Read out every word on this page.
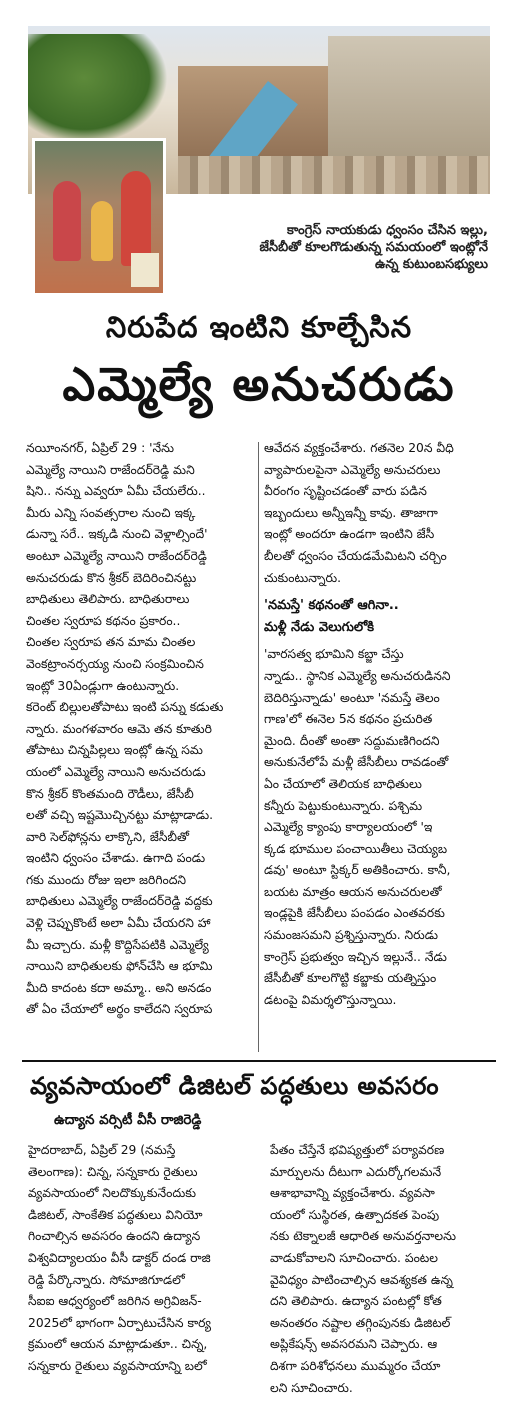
కాంగ్రెస్ నాయకుడు ధ్వంసం చేసిన ఇల్లు,
జేసీబీతో కూలగొడుతున్న సమయంలో ఇంట్లోనే
ఉన్న కుటుంబసభ్యులు
నిరుపేద ఇంటిని కూల్చేసిన
ఎమ్మెల్యే అనుచరుడు
నయీంనగర్, ఏప్రిల్ 29 : 'నేను
ఎమ్మెల్యే నాయిని రాజేందర్‌రెడ్డి మని
షిని.. నన్ను ఎవ్వరూ ఏమీ చేయలేరు..
మీరు ఎన్ని సంవత్సరాల నుంచి ఇక్క
డున్నా సరే.. ఇక్కడి నుంచి వెళ్లాల్సిందే'
అంటూ ఎమ్మెల్యే నాయిని రాజేందర్‌రెడ్డి
అనుచరుడు కొన శ్రీకర్ బెదిరించినట్టు
బాధితులు తెలిపారు. బాధితురాలు
చింతల స్వరూప కథనం ప్రకారం..
చింతల స్వరూప తన మామ చింతల
వెంకట్రాంనర్సయ్య నుంచి సంక్రమించిన
ఇంట్లో 30ఏండ్లుగా ఉంటున్నారు.
కరెంట్ బిల్లులతోపాటు ఇంటి పన్ను కడుతు
న్నారు. మంగళవారం ఆమె తన కూతురి
తోపాటు చిన్నపిల్లలు ఇంట్లో ఉన్న సమ
యంలో ఎమ్మెల్యే నాయిని అనుచరుడు
కొన శ్రీకర్ కొంతమంది రౌడీలు, జేసీబీ
లతో వచ్చి ఇష్టమొచ్చినట్టు మాట్లాడాడు.
వారి సెల్‌ఫోన్లను లాక్కొని, జేసీబీతో
ఇంటిని ధ్వంసం చేశాడు. ఉగాది పండు
గకు ముందు రోజు ఇలా జరిగిందని
బాధితులు ఎమ్మెల్యే రాజేందర్‌రెడ్డి వద్దకు
వెళ్లి చెప్పుకొంటే అలా ఏమీ చేయరని హా
మీ ఇచ్చారు. మళ్లీ కొద్దిసేపటికి ఎమ్మెల్యే
నాయిని బాధితులకు ఫోన్‌చేసి ఆ భూమి
మీది కాదంట కదా అమ్మా.. అని అనడం
తో ఏం చేయాలో అర్థం కాలేదని స్వరూప
ఆవేదన వ్యక్తంచేశారు. గతనెల 20న వీధి
వ్యాపారులపైనా ఎమ్మెల్యే అనుచరులు
వీరంగం సృష్టించడంతో వారు పడిన
ఇబ్బందులు అన్నీఇన్నీ కావు. తాజాగా
ఇంట్లో అందరూ ఉండగా ఇంటిని జేసీ
బీలతో ధ్వంసం చేయడమేమిటని చర్చిం
చుకుంటున్నారు.
'నమస్తే' కథనంతో ఆగినా..
మళ్లీ నేడు వెలుగులోకి
'వారసత్వ భూమిని కబ్జా చేస్తు
న్నాడు.. స్థానిక ఎమ్మెల్యే అనుచరుడినని
బెదిరిస్తున్నాడు' అంటూ 'నమస్తే తెలం
గాణ'లో ఈనెల 5న కథనం ప్రచురిత
మైంది. దీంతో అంతా సద్దుమణిగిందని
అనుకునేలోపే మళ్లీ జేసీబీలు రావడంతో
ఏం చేయాలో తెలియక బాధితులు
కన్నీరు పెట్టుకుంటున్నారు. పశ్చిమ
ఎమ్మెల్యే క్యాంపు కార్యాలయంలో 'ఇ
క్కడ భూముల పంచాయితీలు చెయ్యబ
డవు' అంటూ స్టిక్కర్ అతికించారు. కానీ,
బయట మాత్రం ఆయన అనుచరులతో
ఇండ్లపైకి జేసీబీలు పంపడం ఎంతవరకు
సమంజసమని ప్రశ్నిస్తున్నారు. నిరుడు
కాంగ్రెస్ ప్రభుత్వం ఇచ్చిన ఇల్లునే.. నేడు
జేసీబీతో కూలగొట్టి కబ్జాకు యత్నిస్తుం
డటంపై విమర్శలొస్తున్నాయి.
వ్యవసాయంలో డిజిటల్ పద్ధతులు అవసరం
ఉద్యాన వర్సిటీ వీసీ రాజిరెడ్డి
హైదరాబాద్, ఏప్రిల్ 29 (నమస్తే
తెలంగాణ): చిన్న, సన్నకారు రైతులు
వ్యవసాయంలో నిలదొక్కుకునేందుకు
డిజిటల్, సాంకేతిక పద్ధతులు వినియో
గించాల్సిన అవసరం ఉందని ఉద్యాన
విశ్వవిద్యాలయం వీసీ డాక్టర్ దండ రాజి
రెడ్డి పేర్కొన్నారు. సోమాజిగూడలో
సీఐఐ ఆధ్వర్యంలో జరిగిన అగ్రివిజన్-
2025లో భాగంగా ఏర్పాటుచేసిన కార్య
క్రమంలో ఆయన మాట్లాడుతూ.. చిన్న,
సన్నకారు రైతులు వ్యవసాయాన్ని బలో
పేతం చేస్తేనే భవిష్యత్తులో పర్యావరణ
మార్పులను దీటుగా ఎదుర్కోగలమనే
ఆశాభావాన్ని వ్యక్తంచేశారు. వ్యవసా
యంలో సుస్థిరత, ఉత్పాదకత పెంపు
నకు టెక్నాలజీ ఆధారిత అనువర్తనాలను
వాడుకోవాలని సూచించారు. పంటల
వైవిధ్యం పాటించాల్సిన ఆవశ్యకత ఉన్న
దని తెలిపారు. ఉద్యాన పంటల్లో కోత
అనంతరం నష్టాల తగ్గింపునకు డిజిటల్
అప్లికేషన్స్ అవసరమని చెప్పారు. ఆ
దిశగా పరిశోధనలు ముమ్మరం చేయా
లని సూచించారు.
